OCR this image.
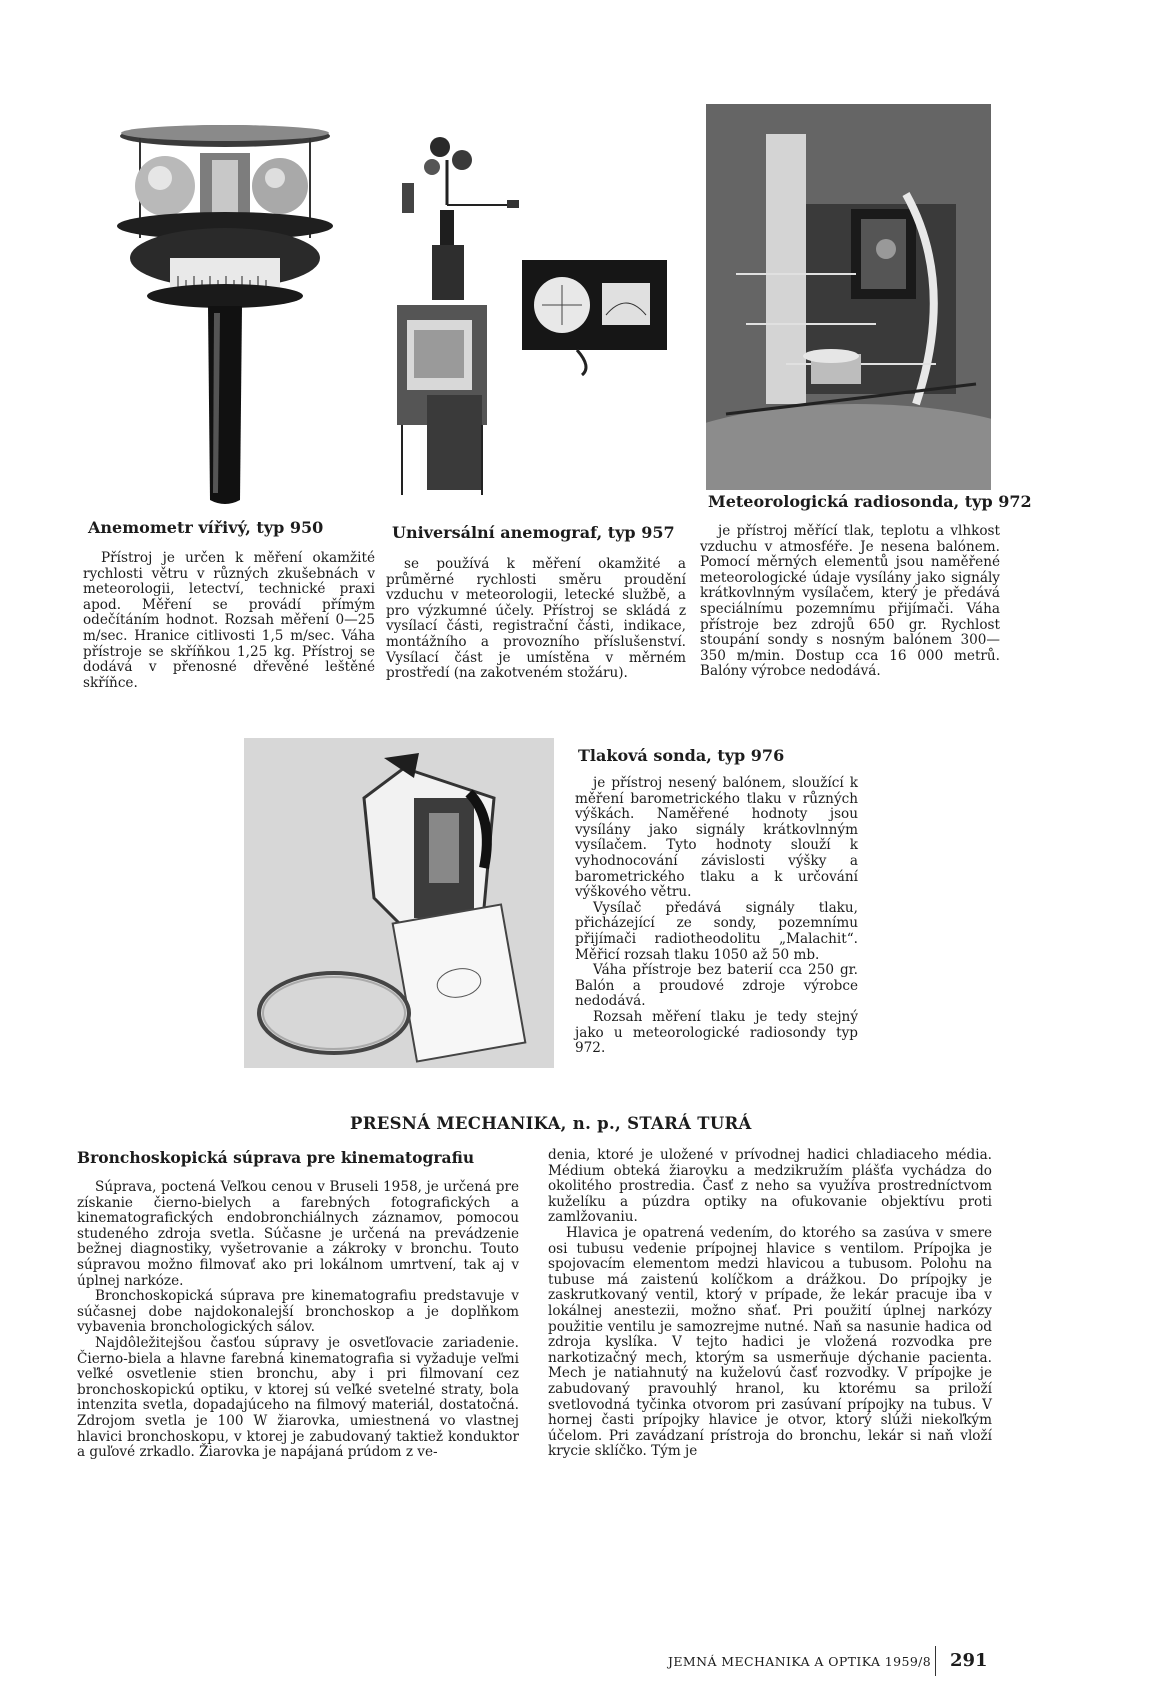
Anemometr vířivý, typ 950

Přístroj je určen k měření okamžité rychlosti větru v různých zkušebnách v meteorologii, letectví, technické praxi apod. Měření se provádí přímým odečítáním hodnot. Rozsah měření 0—25 m/sec. Hranice citlivosti 1,5 m/sec. Váha přístroje se skříňkou 1,25 kg. Přístroj se dodává v přenosné dřevěné leštěné skříňce.

Universální anemograf, typ 957

se používá k měření okamžité a průměrné rychlosti směru proudění vzduchu v meteorologii, letecké službě, a pro výzkumné účely. Přístroj se skládá z vysílací části, registrační části, indikace, montážního a provozního příslušenství. Vysílací část je umístěna v měrném prostředí (na zakotveném stožáru).

Meteorologická radiosonda, typ 972

je přístroj měřící tlak, teplotu a vlhkost vzduchu v atmosféře. Je nesena balónem. Pomocí měrných elementů jsou naměřené meteorologické údaje vysílány jako signály krátkovlnným vysílačem, který je předává speciálnímu pozemnímu přijímači. Váha přístroje bez zdrojů 650 gr. Rychlost stoupání sondy s nosným balónem 300—350 m/min. Dostup cca 16 000 metrů. Balóny výrobce nedodává.

Tlaková sonda, typ 976

je přístroj nesený balónem, sloužící k měření barometrického tlaku v různých výškách. Naměřené hodnoty jsou vysílány jako signály krátkovlnným vysílačem. Tyto hodnoty slouží k vyhodnocování závislosti výšky a barometrického tlaku a k určování výškového větru.

Vysílač předává signály tlaku, přicházející ze sondy, pozemnímu přijímači radiotheodolitu „Malachit“. Měřicí rozsah tlaku 1050 až 50 mb.

Váha přístroje bez baterií cca 250 gr. Balón a proudové zdroje výrobce nedodává.

Rozsah měření tlaku je tedy stejný jako u meteorologické radiosondy typ 972.

PRESNÁ MECHANIKA, n. p., STARÁ TURÁ
Bronchoskopická súprava pre kinematografiu

Súprava, poctená Veľkou cenou v Bruseli 1958, je určená pre získanie čierno-bielych a farebných fotografických a kinematografických endobronchiálnych záznamov, pomocou studeného zdroja svetla. Súčasne je určená na prevádzenie bežnej diagnostiky, vyšetrovanie a zákroky v bronchu. Touto súpravou možno filmovať ako pri lokálnom umrtvení, tak aj v úplnej narkóze.

Bronchoskopická súprava pre kinematografiu predstavuje v súčasnej dobe najdokonalejší bronchoskop a je doplňkom vybavenia bronchologických sálov.

Najdôležitejšou časťou súpravy je osvetľovacie zariadenie. Čierno-biela a hlavne farebná kinematografia si vyžaduje veľmi veľké osvetlenie stien bronchu, aby i pri filmovaní cez bronchoskopickú optiku, v ktorej sú veľké svetelné straty, bola intenzita svetla, dopadajúceho na filmový materiál, dostatočná. Zdrojom svetla je 100 W žiarovka, umiestnená vo vlastnej hlavici bronchoskopu, v ktorej je zabudovaný taktiež konduktor a guľové zrkadlo. Žiarovka je napájaná prúdom z ve-

denia, ktoré je uložené v prívodnej hadici chladiaceho média. Médium obteká žiarovku a medzikružím plášťa vychádza do okolitého prostredia. Časť z neho sa využíva prostredníctvom kuželíku a púzdra optiky na ofukovanie objektívu proti zamlžovaniu.

Hlavica je opatrená vedením, do ktorého sa zasúva v smere osi tubusu vedenie prípojnej hlavice s ventilom. Prípojka je spojovacím elementom medzi hlavicou a tubusom. Polohu na tubuse má zaistenú kolíčkom a drážkou. Do prípojky je zaskrutkovaný ventil, ktorý v prípade, že lekár pracuje iba v lokálnej anestezii, možno sňať. Pri použití úplnej narkózy použitie ventilu je samozrejme nutné. Naň sa nasunie hadica od zdroja kyslíka. V tejto hadici je vložená rozvodka pre narkotizačný mech, ktorým sa usmerňuje dýchanie pacienta. Mech je natiahnutý na kuželovú časť rozvodky. V prípojke je zabudovaný pravouhlý hranol, ku ktorému sa priloží svetlovodná tyčinka otvorom pri zasúvaní prípojky na tubus. V hornej časti prípojky hlavice je otvor, ktorý slúži niekoľkým účelom. Pri zavádzaní prístroja do bronchu, lekár si naň vloží krycie sklíčko. Tým je

JEMNÁ MECHANIKA A OPTIKA 1959/8 291
